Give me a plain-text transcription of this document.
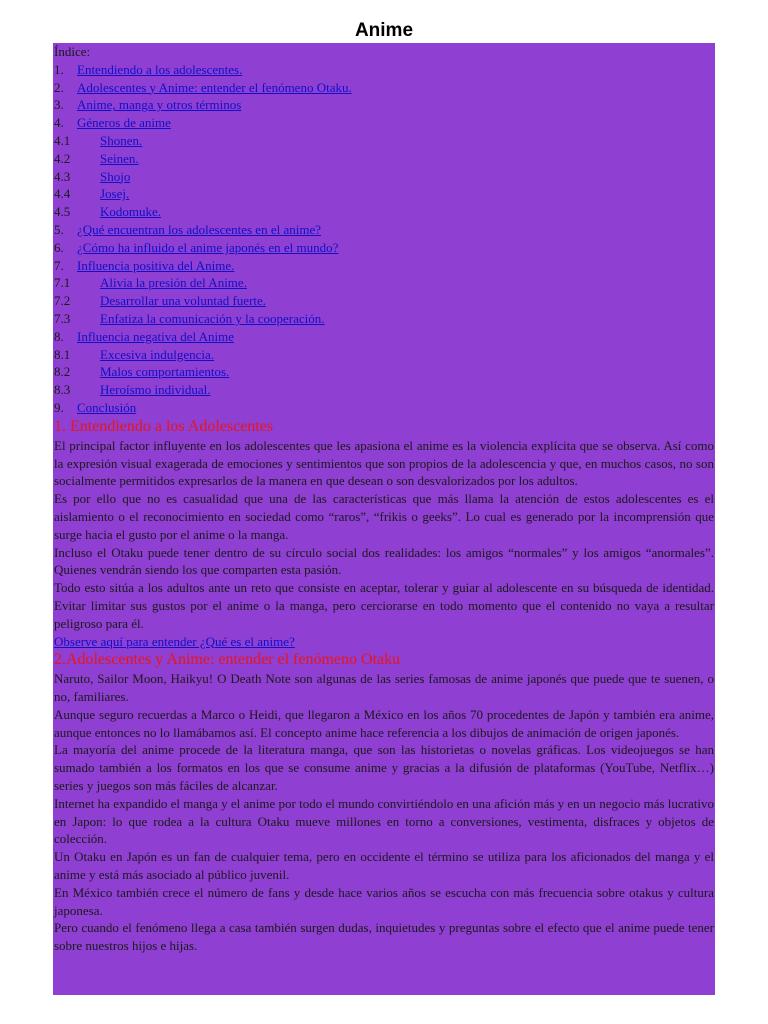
Anime
Índice:
1.	Entendiendo a los adolescentes.
2.	Adolescentes y Anime: entender el fenómeno Otaku.
3.	Anime, manga y otros términos
4.	Géneros de anime
4.1	Shonen.
4.2	Seinen.
4.3	Shojo
4.4	Josej.
4.5	Kodomuke.
5.	¿Qué encuentran los adolescentes en el anime?
6.	¿Cómo ha influido el anime japonés en el mundo?
7.	Influencia positiva del Anime.
7.1	Alivia la presión del Anime.
7.2	Desarrollar una voluntad fuerte.
7.3	Enfatiza la comunicación y la cooperación.
8.	Influencia negativa del Anime
8.1	Excesiva indulgencia.
8.2	Malos comportamientos.
8.3	Heroísmo individual.
9.	Conclusión
1. Entendiendo a los Adolescentes

El principal factor influyente en los adolescentes que les apasiona el anime es la violencia explícita que se observa. Así como la expresión visual exagerada de emociones y sentimientos que son propios de la adolescencia y que, en muchos casos, no son socialmente permitidos expresarlos de la manera en que desean o son desvalorizados por los adultos.

Es por ello que no es casualidad que una de las características que más llama la atención de estos adolescentes es el aislamiento o el reconocimiento en sociedad como “raros”, “frikis o geeks”. Lo cual es generado por la incomprensión que surge hacia el gusto por el anime o la manga.

Incluso el Otaku puede tener dentro de su círculo social dos realidades: los amigos “normales” y los amigos “anormales”. Quienes vendrán siendo los que comparten esta pasión.

Todo esto sitúa a los adultos ante un reto que consiste en aceptar, tolerar y guiar al adolescente en su búsqueda de identidad. Evitar limitar sus gustos por el anime o la manga, pero cerciorarse en todo momento que el contenido no vaya a resultar peligroso para él.

Observe aquí para entender ¿Qué es el anime?
2.Adolescentes y Anime: entender el fenómeno Otaku

Naruto, Sailor Moon, Haikyu! O Death Note son algunas de las series famosas de anime japonés que puede que te suenen, o no, familiares.

Aunque seguro recuerdas a Marco o Heidi, que llegaron a México en los años 70 procedentes de Japón y también era anime, aunque entonces no lo llamábamos así. El concepto anime hace referencia a los dibujos de animación de origen japonés.

La mayoría del anime procede de la literatura manga, que son las historietas o novelas gráficas. Los videojuegos se han sumado también a los formatos en los que se consume anime y gracias a la difusión de plataformas (YouTube, Netflix…) series y juegos son más fáciles de alcanzar.

Internet ha expandido el manga y el anime por todo el mundo convirtiéndolo en una afición más y en un negocio más lucrativo en Japon: lo que rodea a la cultura Otaku mueve millones en torno a conversiones, vestimenta, disfraces y objetos de colección.

Un Otaku en Japón es un fan de cualquier tema, pero en occidente el término se utiliza para los aficionados del manga y el anime y está más asociado al público juvenil.

En México también crece el número de fans y desde hace varios años se escucha con más frecuencia sobre otakus y cultura japonesa.

Pero cuando el fenómeno llega a casa también surgen dudas, inquietudes y preguntas sobre el efecto que el anime puede tener sobre nuestros hijos e hijas.
